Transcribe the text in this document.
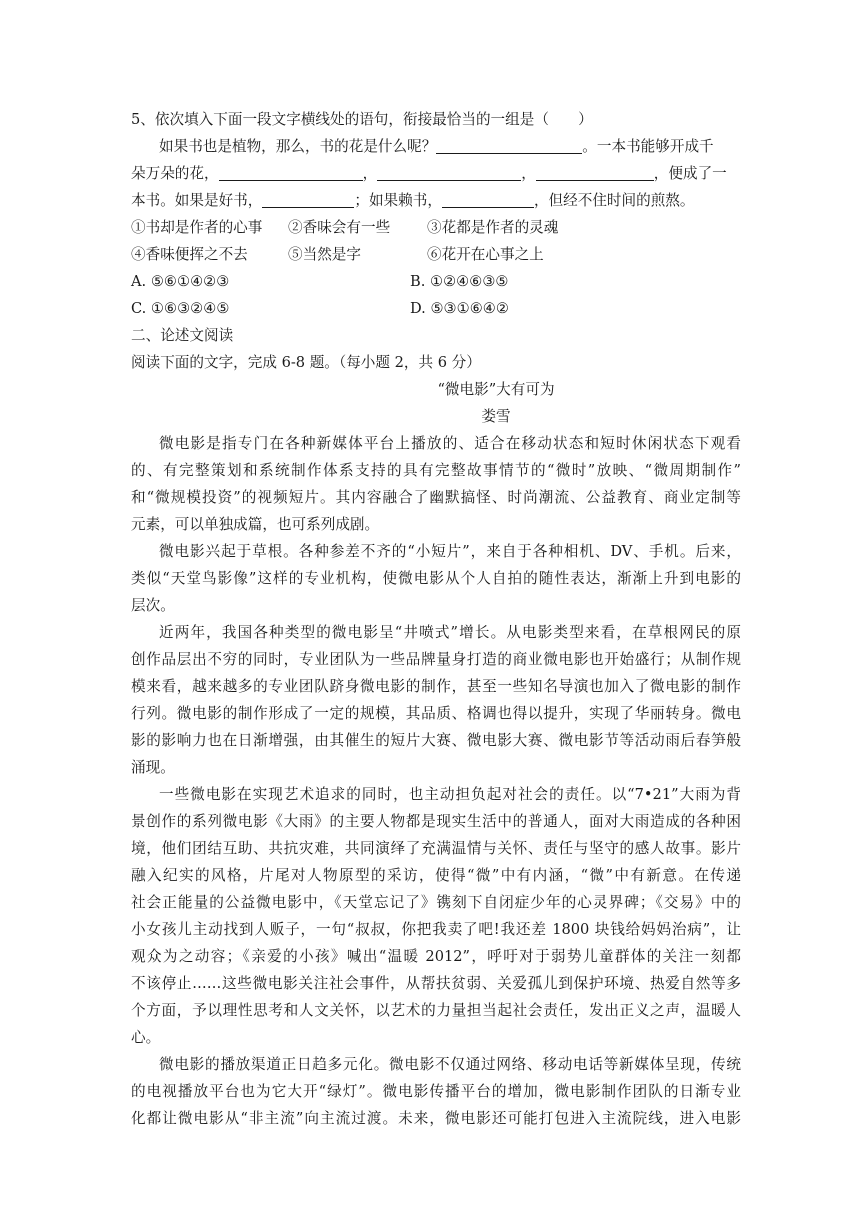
5、依次填入下面一段文字横线处的语句，衔接最恰当的一组是（　　）
如果书也是植物，那么，书的花是什么呢？	。一本书能够开成千
朵万朵的花，	，	，	，便成了一
本书。如果是好书，	；如果赖书，	，但经不住时间的煎熬。
①书却是作者的心事 ②香味会有一些	③花都是作者的灵魂
④香味便挥之不去	⑤当然是字	⑥花开在心事之上
A. ⑤⑥①④②③	B. ①②④⑥③⑤
C. ①⑥③②④⑤	D. ⑤③①⑥④②
二、论述文阅读
阅读下面的文字，完成 6-8 题。（每小题 2，共 6 分）
“微电影”大有可为
娄雪
微电影是指专门在各种新媒体平台上播放的、适合在移动状态和短时休闲状态下观看
的、有完整策划和系统制作体系支持的具有完整故事情节的“微时”放映、“微周期制作”
和“微规模投资”的视频短片。其内容融合了幽默搞怪、时尚潮流、公益教育、商业定制等
元素，可以单独成篇，也可系列成剧。
微电影兴起于草根。各种参差不齐的“小短片”，来自于各种相机、DV、手机。后来，
类似“天堂鸟影像”这样的专业机构，使微电影从个人自拍的随性表达，渐渐上升到电影的
层次。
近两年，我国各种类型的微电影呈“井喷式”增长。从电影类型来看，在草根网民的原
创作品层出不穷的同时，专业团队为一些品牌量身打造的商业微电影也开始盛行；从制作规
模来看，越来越多的专业团队跻身微电影的制作，甚至一些知名导演也加入了微电影的制作
行列。微电影的制作形成了一定的规模，其品质、格调也得以提升，实现了华丽转身。微电
影的影响力也在日渐增强，由其催生的短片大赛、微电影大赛、微电影节等活动雨后春笋般
涌现。
一些微电影在实现艺术追求的同时，也主动担负起对社会的责任。以“7•21”大雨为背
景创作的系列微电影《大雨》的主要人物都是现实生活中的普通人，面对大雨造成的各种困
境，他们团结互助、共抗灾难，共同演绎了充满温情与关怀、责任与坚守的感人故事。影片
融入纪实的风格，片尾对人物原型的采访，使得“微”中有内涵，“微”中有新意。在传递
社会正能量的公益微电影中，《天堂忘记了》镌刻下自闭症少年的心灵界碑；《交易》中的
小女孩儿主动找到人贩子，一句“叔叔，你把我卖了吧!我还差 1800 块钱给妈妈治病”，让
观众为之动容；《亲爱的小孩》喊出“温暖 2012”，呼吁对于弱势儿童群体的关注一刻都
不该停止……这些微电影关注社会事件，从帮扶贫弱、关爱孤儿到保护环境、热爱自然等多
个方面，予以理性思考和人文关怀，以艺术的力量担当起社会责任，发出正义之声，温暖人
心。
微电影的播放渠道正日趋多元化。微电影不仅通过网络、移动电话等新媒体呈现，传统
的电视播放平台也为它大开“绿灯”。微电影传播平台的增加，微电影制作团队的日渐专业
化都让微电影从“非主流”向主流过渡。未来，微电影还可能打包进入主流院线，进入电影
